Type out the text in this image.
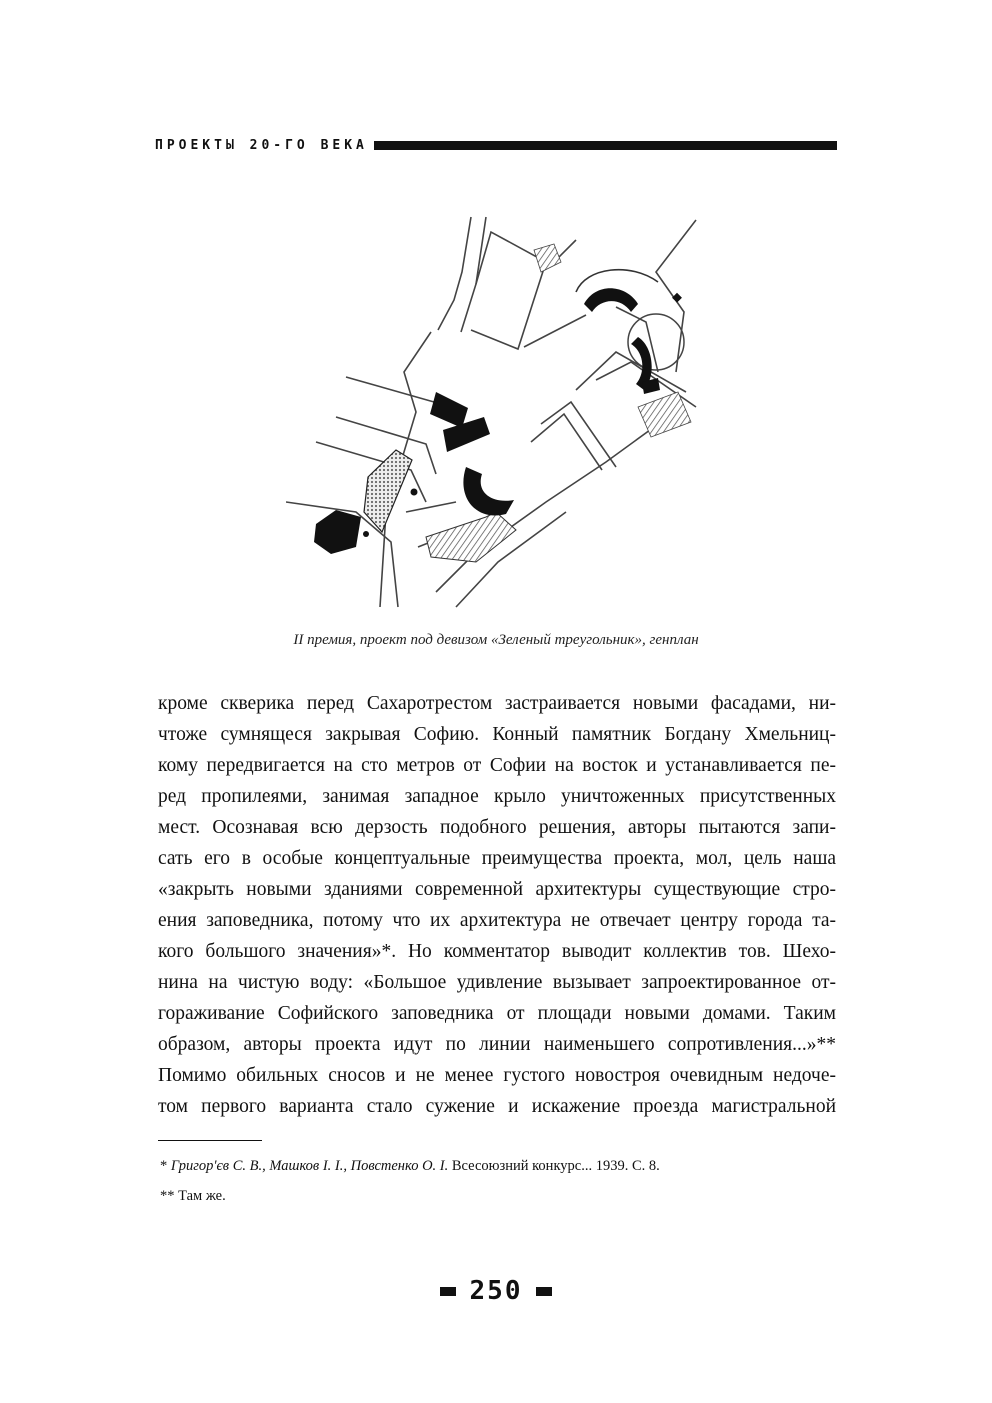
ПРОЕКТЫ 20-ГО ВЕКА
II премия, проект под девизом «Зеленый треугольник», генплан
кроме скверика перед Сахаротрестом застраивается новыми фасадами, ни-
чтоже сумнящеся закрывая Софию. Конный памятник Богдану Хмельниц-
кому передвигается на сто метров от Софии на восток и устанавливается пе-
ред пропилеями, занимая западное крыло уничтоженных присутственных
мест. Осознавая всю дерзость подобного решения, авторы пытаются запи-
сать его в особые концептуальные преимущества проекта, мол, цель наша
«закрыть новыми зданиями современной архитектуры существующие стро-
ения заповедника, потому что их архитектура не отвечает центру города та-
кого большого значения»*. Но комментатор выводит коллектив тов. Шехо-
нина на чистую воду: «Большое удивление вызывает запроектированное от-
гораживание Софийского заповедника от площади новыми домами. Таким
образом, авторы проекта идут по линии наименьшего сопротивления...»**
Помимо обильных сносов и не менее густого новостроя очевидным недоче-
том первого варианта стало сужение и искажение проезда магистральной
* Григор'єв С. В., Машков І. І., Повстенко О. І. Всесоюзний конкурс... 1939. С. 8.
** Там же.
250
